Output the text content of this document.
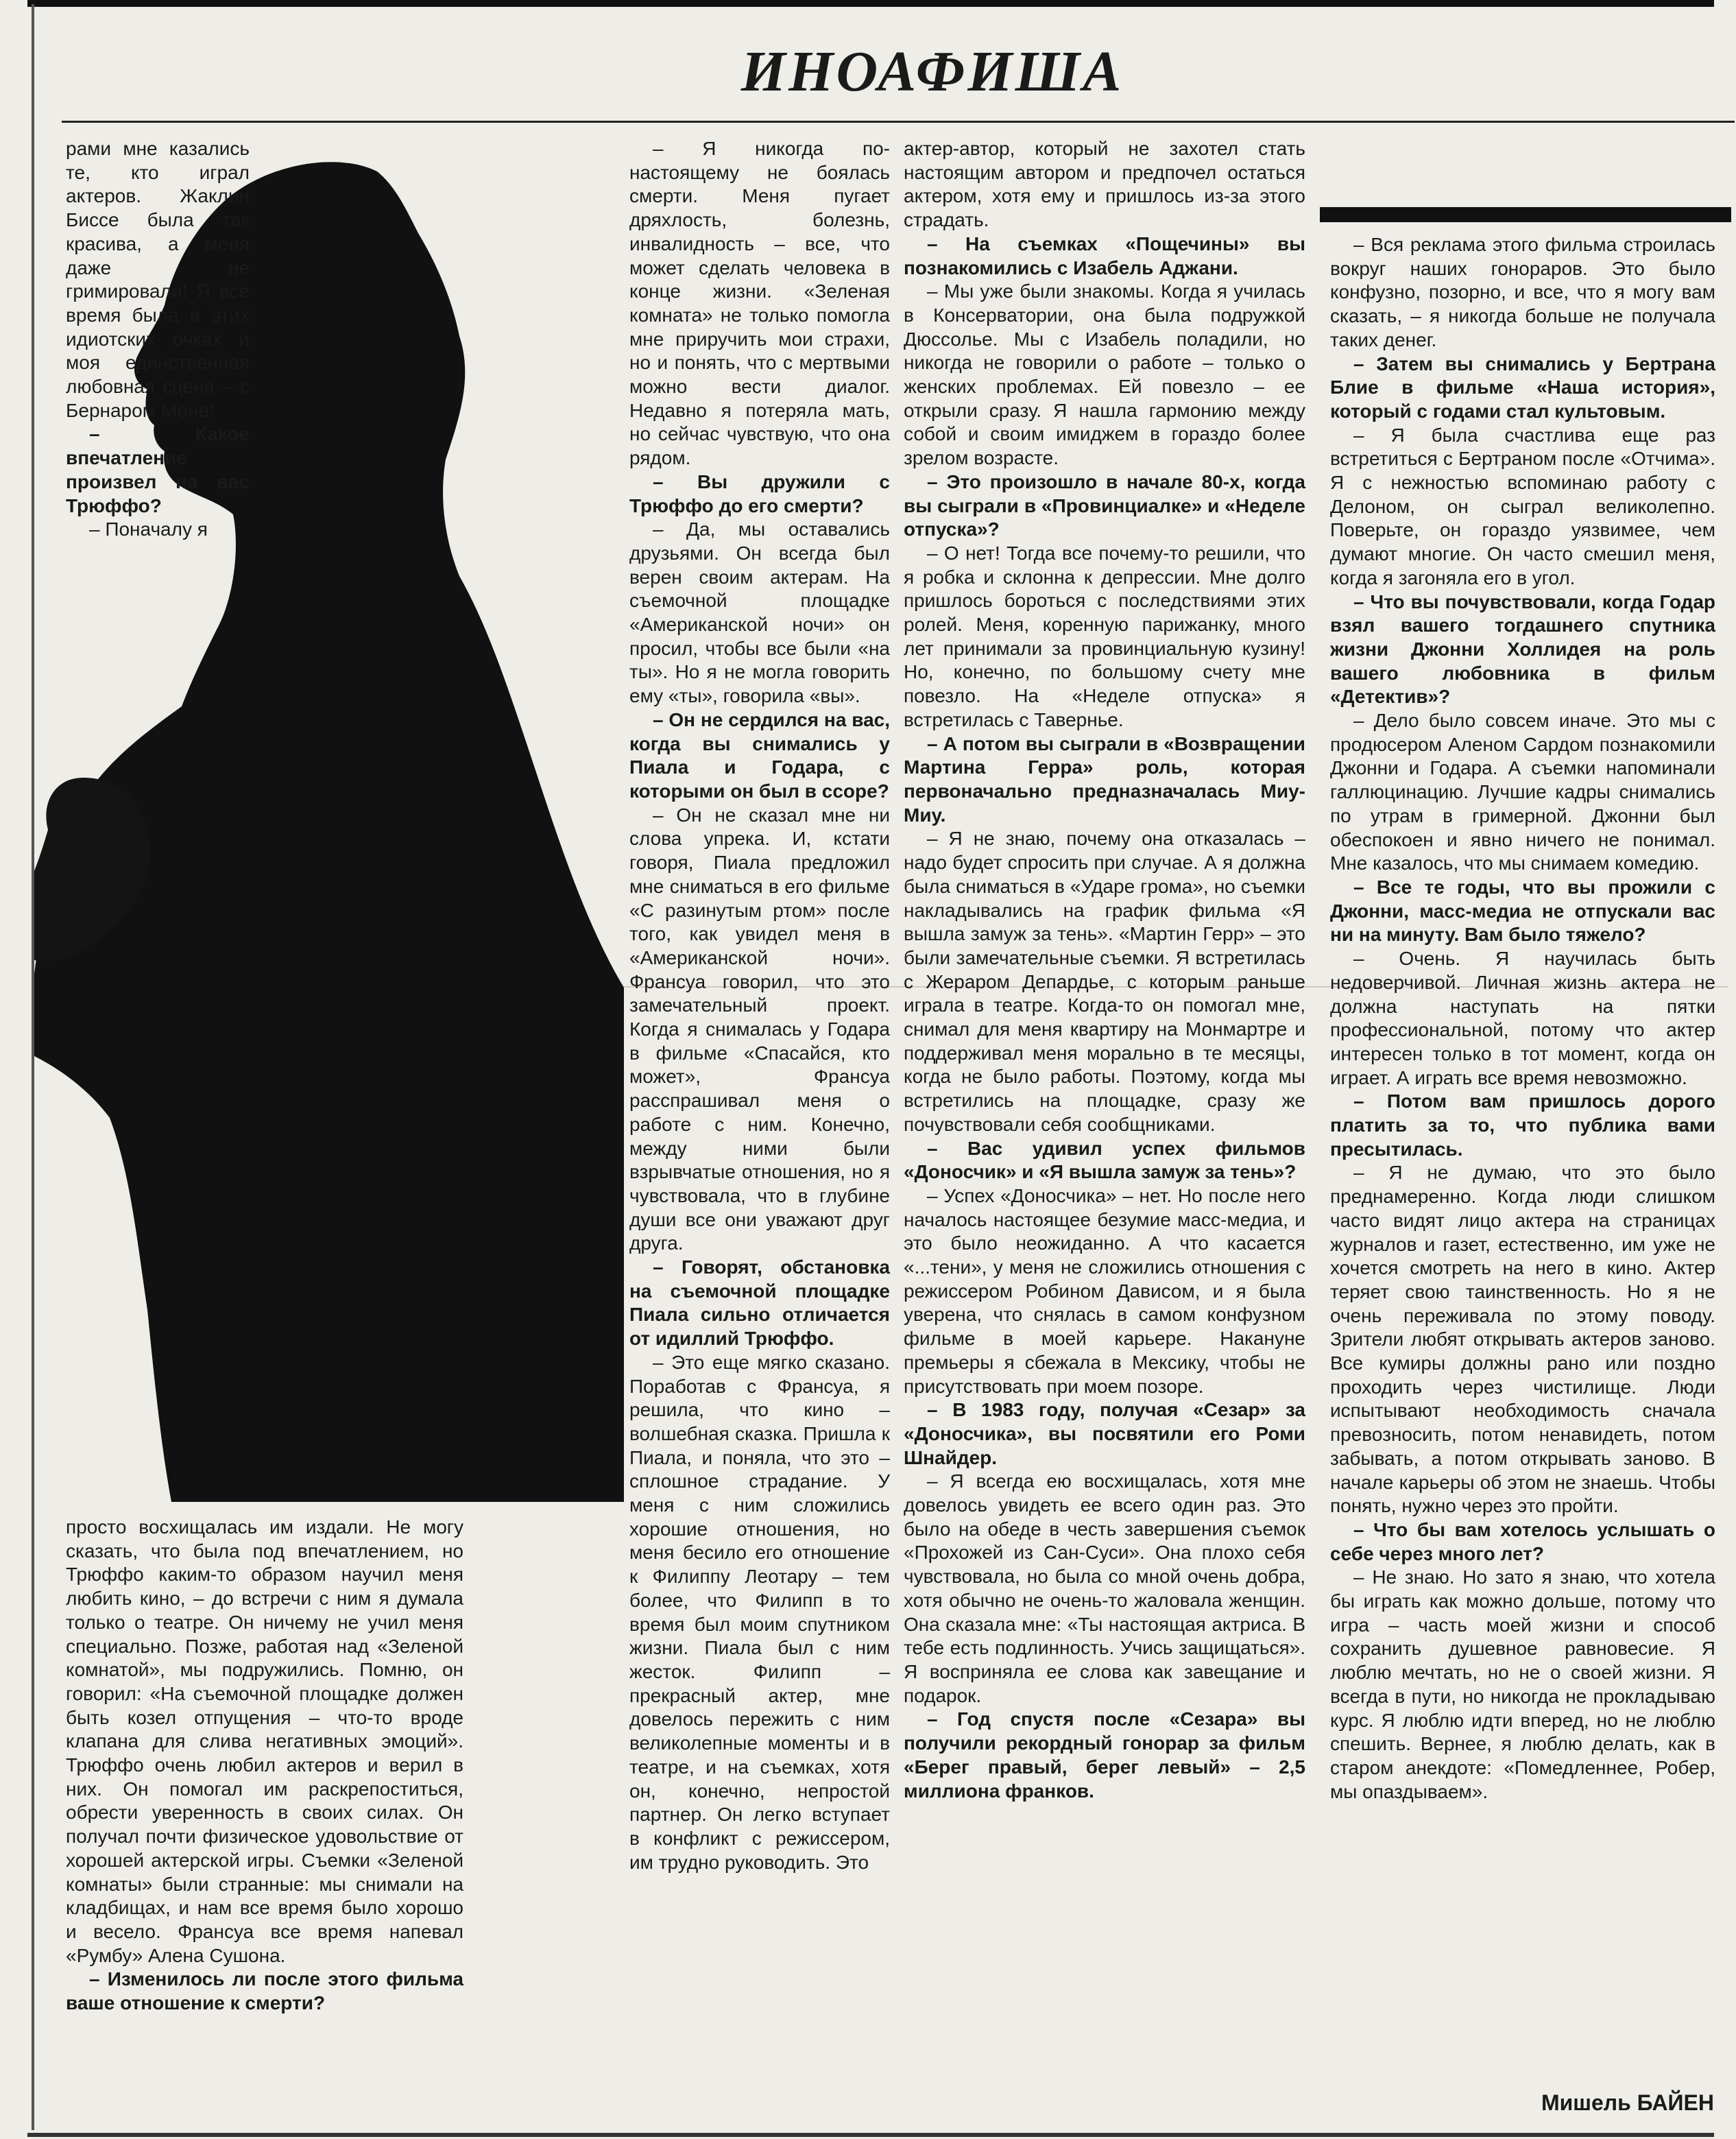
ИНОАФИША

рами мне казались те, кто играл актеров. Жаклин Биссе была так красива, а меня даже не гримировали! Я все время была в этих идиотских очках и моя единственная любовная сцена – с Бернаром Мене!

– Какое впечатление произвел на вас Трюффо?

– Поначалу я

просто восхищалась им издали. Не могу сказать, что была под впечатлением, но Трюффо каким-то образом научил меня любить кино, – до встречи с ним я думала только о театре. Он ничему не учил меня специально. Позже, работая над «Зеленой комнатой», мы подружились. Помню, он говорил: «На съемочной площадке должен быть козел отпущения – что-то вроде клапана для слива негативных эмоций». Трюффо очень любил актеров и верил в них. Он помогал им раскрепоститься, обрести уверенность в своих силах. Он получал почти физическое удовольствие от хорошей актерской игры. Съемки «Зеленой комнаты» были странные: мы снимали на кладбищах, и нам все время было хорошо и весело. Франсуа все время напевал «Румбу» Алена Сушона.

– Изменилось ли после этого фильма ваше отношение к смерти?

– Я никогда по-настоящему не боялась смерти. Меня пугает дряхлость, болезнь, инвалидность – все, что может сделать человека в конце жизни. «Зеленая комната» не только помогла мне приручить мои страхи, но и понять, что с мертвыми можно вести диалог. Недавно я потеряла мать, но сейчас чувствую, что она рядом.

– Вы дружили с Трюффо до его смерти?

– Да, мы оставались друзьями. Он всегда был верен своим актерам. На съемочной площадке «Американской ночи» он просил, чтобы все были «на ты». Но я не могла говорить ему «ты», говорила «вы».

– Он не сердился на вас, когда вы снимались у Пиала и Годара, с которыми он был в ссоре?

– Он не сказал мне ни слова упрека. И, кстати говоря, Пиала предложил мне сниматься в его фильме «С разинутым ртом» после того, как увидел меня в «Американской ночи». Франсуа говорил, что это замечательный проект. Когда я снималась у Годара в фильме «Спасайся, кто может», Франсуа расспрашивал меня о работе с ним. Конечно, между ними были взрывчатые отношения, но я чувствовала, что в глубине души все они уважают друг друга.

– Говорят, обстановка на съемочной площадке Пиала сильно отличается от идиллий Трюффо.

– Это еще мягко сказано. Поработав с Франсуа, я решила, что кино – волшебная сказка. Пришла к Пиала, и поняла, что это – сплошное страдание. У меня с ним сложились хорошие отношения, но меня бесило его отношение к Филиппу Леотару – тем более, что Филипп в то время был моим спутником жизни. Пиала был с ним жесток. Филипп – прекрасный актер, мне довелось пережить с ним великолепные моменты и в театре, и на съемках, хотя он, конечно, непростой партнер. Он легко вступает в конфликт с режиссером, им трудно руководить. Это

актер-автор, который не захотел стать настоящим автором и предпочел остаться актером, хотя ему и пришлось из-за этого страдать.

– На съемках «Пощечины» вы познакомились с Изабель Аджани.

– Мы уже были знакомы. Когда я училась в Консерватории, она была подружкой Дюссолье. Мы с Изабель поладили, но никогда не говорили о работе – только о женских проблемах. Ей повезло – ее открыли сразу. Я нашла гармонию между собой и своим имиджем в гораздо более зрелом возрасте.

– Это произошло в начале 80-х, когда вы сыграли в «Провинциалке» и «Неделе отпуска»?

– О нет! Тогда все почему-то решили, что я робка и склонна к депрессии. Мне долго пришлось бороться с последствиями этих ролей. Меня, коренную парижанку, много лет принимали за провинциальную кузину! Но, конечно, по большому счету мне повезло. На «Неделе отпуска» я встретилась с Тавернье.

– А потом вы сыграли в «Возвращении Мартина Герра» роль, которая первоначально предназначалась Миу-Миу.

– Я не знаю, почему она отказалась – надо будет спросить при случае. А я должна была сниматься в «Ударе грома», но съемки накладывались на график фильма «Я вышла замуж за тень». «Мартин Герр» – это были замечательные съемки. Я встретилась с Жераром Депардье, с которым раньше играла в театре. Когда-то он помогал мне, снимал для меня квартиру на Монмартре и поддерживал меня морально в те месяцы, когда не было работы. Поэтому, когда мы встретились на площадке, сразу же почувствовали себя сообщниками.

– Вас удивил успех фильмов «Доносчик» и «Я вышла замуж за тень»?

– Успех «Доносчика» – нет. Но после него началось настоящее безумие масс-медиа, и это было неожиданно. А что касается «...тени», у меня не сложились отношения с режиссером Робином Дависом, и я была уверена, что снялась в самом конфузном фильме в моей карьере. Накануне премьеры я сбежала в Мексику, чтобы не присутствовать при моем позоре.

– В 1983 году, получая «Сезар» за «Доносчика», вы посвятили его Роми Шнайдер.

– Я всегда ею восхищалась, хотя мне довелось увидеть ее всего один раз. Это было на обеде в честь завершения съемок «Прохожей из Сан-Суси». Она плохо себя чувствовала, но была со мной очень добра, хотя обычно не очень-то жаловала женщин. Она сказала мне: «Ты настоящая актриса. В тебе есть подлинность. Учись защищаться». Я восприняла ее слова как завещание и подарок.

– Год спустя после «Сезара» вы получили рекордный гонорар за фильм «Берег правый, берег левый» – 2,5 миллиона франков.

– Вся реклама этого фильма строилась вокруг наших гонораров. Это было конфузно, позорно, и все, что я могу вам сказать, – я никогда больше не получала таких денег.

– Затем вы снимались у Бертрана Блие в фильме «Наша история», который с годами стал культовым.

– Я была счастлива еще раз встретиться с Бертраном после «Отчима». Я с нежностью вспоминаю работу с Делоном, он сыграл великолепно. Поверьте, он гораздо уязвимее, чем думают многие. Он часто смешил меня, когда я загоняла его в угол.

– Что вы почувствовали, когда Годар взял вашего тогдашнего спутника жизни Джонни Холлидея на роль вашего любовника в фильм «Детектив»?

– Дело было совсем иначе. Это мы с продюсером Аленом Сардом познакомили Джонни и Годара. А съемки напоминали галлюцинацию. Лучшие кадры снимались по утрам в гримерной. Джонни был обеспокоен и явно ничего не понимал. Мне казалось, что мы снимаем комедию.

– Все те годы, что вы прожили с Джонни, масс-медиа не отпускали вас ни на минуту. Вам было тяжело?

– Очень. Я научилась быть недоверчивой. Личная жизнь актера не должна наступать на пятки профессиональной, потому что актер интересен только в тот момент, когда он играет. А играть все время невозможно.

– Потом вам пришлось дорого платить за то, что публика вами пресытилась.

– Я не думаю, что это было преднамеренно. Когда люди слишком часто видят лицо актера на страницах журналов и газет, естественно, им уже не хочется смотреть на него в кино. Актер теряет свою таинственность. Но я не очень переживала по этому поводу. Зрители любят открывать актеров заново. Все кумиры должны рано или поздно проходить через чистилище. Люди испытывают необходимость сначала превозносить, потом ненавидеть, потом забывать, а потом открывать заново. В начале карьеры об этом не знаешь. Чтобы понять, нужно через это пройти.

– Что бы вам хотелось услышать о себе через много лет?

– Не знаю. Но зато я знаю, что хотела бы играть как можно дольше, потому что игра – часть моей жизни и способ сохранить душевное равновесие. Я люблю мечтать, но не о своей жизни. Я всегда в пути, но никогда не прокладываю курс. Я люблю идти вперед, но не люблю спешить. Вернее, я люблю делать, как в старом анекдоте: «Помедленнее, Робер, мы опаздываем».

Мишель БАЙЕН
